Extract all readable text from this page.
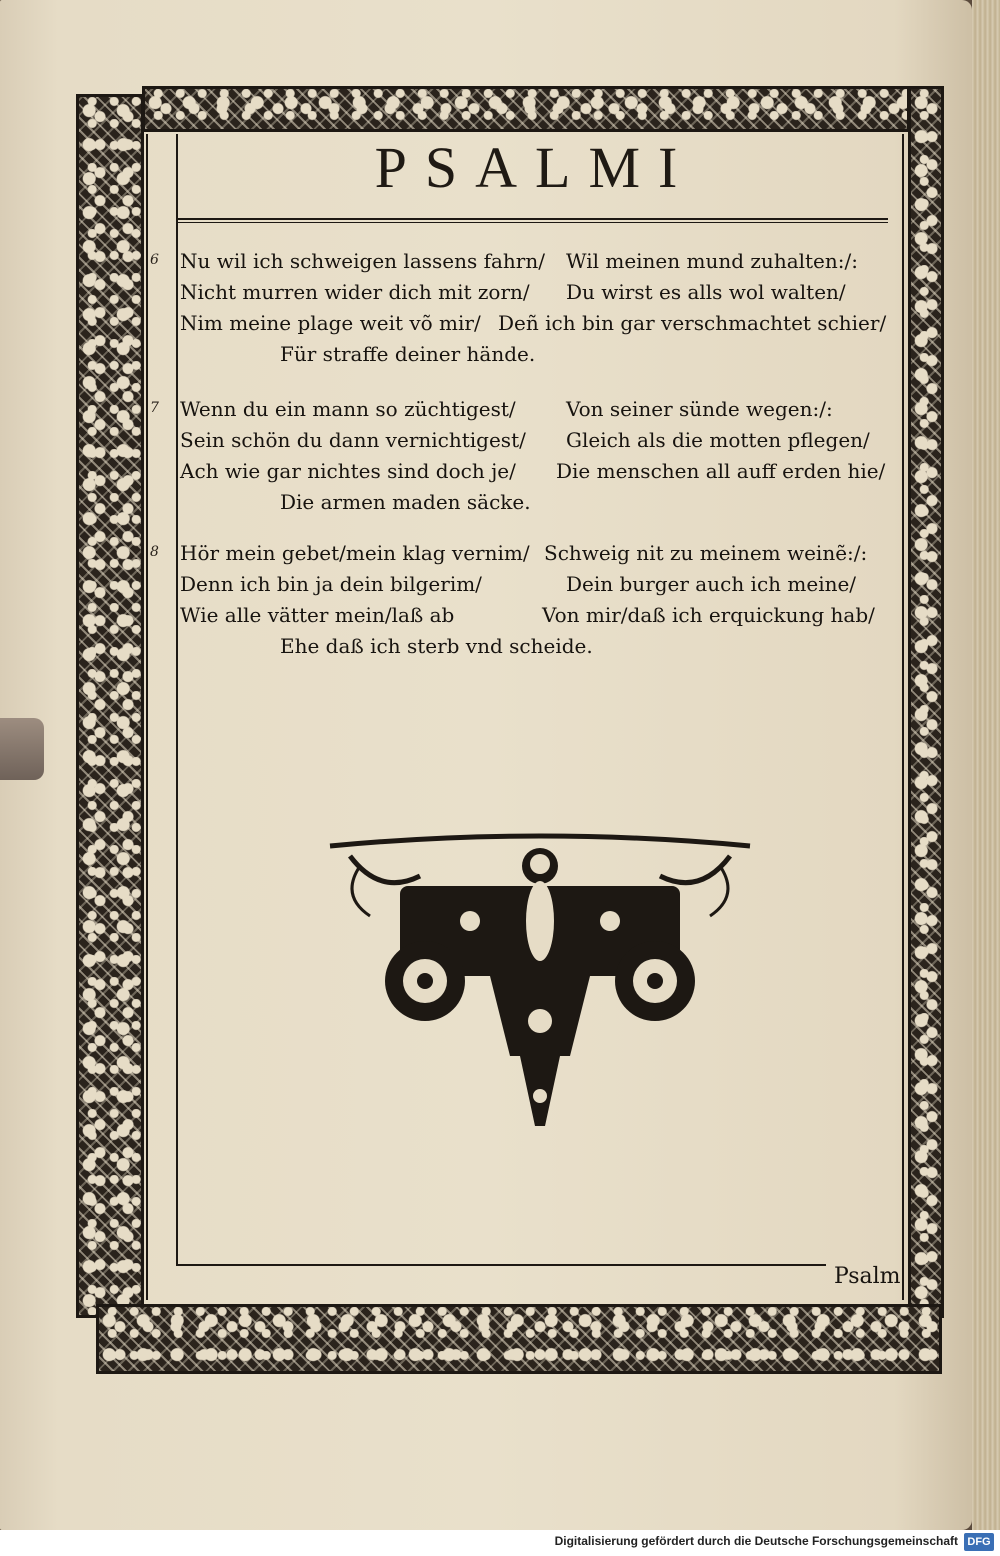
PSALMI
6 Nu wil ich schweigen lassens fahrn/ Wil meinen mund zuhalten:/:
Nicht murren wider dich mit zorn/ Du wirst es alls wol walten/
Nim meine plage weit võ mir/ Deñ ich bin gar verschmachtet schier/
Für straffe deiner hände.
7 Wenn du ein mann so züchtigest/	Von seiner sünde wegen:/:
Sein schön du dann vernichtigest/ Gleich als die motten pflegen/
Ach wie gar nichtes sind doch je/ Die menschen all auff erden hie/
Die armen maden säcke.
8 Hör mein gebet/mein klag vernim/ Schweig nit zu meinem weinẽ:/:
Denn ich bin ja dein bilgerim/	Dein burger auch ich meine/
Wie alle vätter mein/laß ab	Von mir/daß ich erquickung hab/
Ehe daß ich sterb vnd scheide.
Psalm
Digitalisierung gefördert durch die Deutsche Forschungsgemeinschaft DFG
